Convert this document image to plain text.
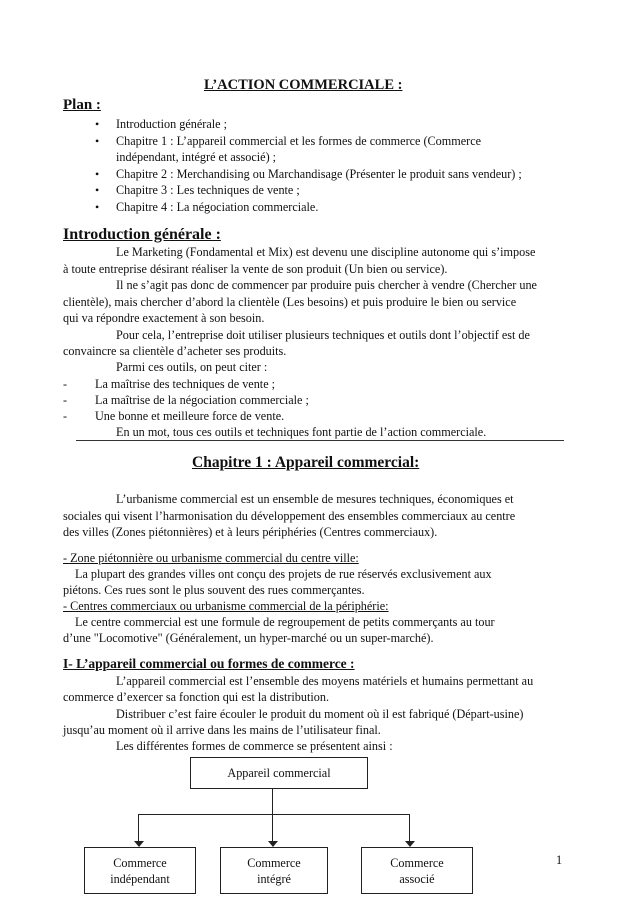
L’ACTION COMMERCIALE :
Plan :
• Introduction générale ;
• Chapitre 1 : L’appareil commercial et les formes de commerce (Commerce
indépendant, intégré et associé) ;
• Chapitre 2 : Merchandising ou Marchandisage (Présenter le produit sans vendeur) ;
• Chapitre 3 : Les techniques de vente ;
• Chapitre 4 : La négociation commerciale.
Introduction générale :
Le Marketing (Fondamental et Mix) est devenu une discipline autonome qui s’impose
à toute entreprise désirant réaliser la vente de son produit (Un bien ou service).
Il ne s’agit pas donc de commencer par produire puis chercher à vendre (Chercher une
clientèle), mais chercher d’abord la clientèle (Les besoins) et puis produire le bien ou service
qui va répondre exactement à son besoin.
Pour cela, l’entreprise doit utiliser plusieurs techniques et outils dont l’objectif est de
convaincre sa clientèle d’acheter ses produits.
Parmi ces outils, on peut citer :
- La maîtrise des techniques de vente ;
- La maîtrise de la négociation commerciale ;
- Une bonne et meilleure force de vente.
En un mot, tous ces outils et techniques font partie de l’action commerciale.
Chapitre 1 : Appareil commercial:
L’urbanisme commercial est un ensemble de mesures techniques, économiques et
sociales qui visent l’harmonisation du développement des ensembles commerciaux au centre
des villes (Zones piétonnières) et à leurs périphéries (Centres commerciaux).
- Zone piétonnière ou urbanisme commercial du centre ville:
La plupart des grandes villes ont conçu des projets de rue réservés exclusivement aux
piétons. Ces rues sont le plus souvent des rues commerçantes.
- Centres commerciaux ou urbanisme commercial de la périphérie:
Le centre commercial est une formule de regroupement de petits commerçants au tour
d’une "Locomotive" (Généralement, un hyper-marché ou un super-marché).
I- L’appareil commercial ou formes de commerce :
L’appareil commercial est l’ensemble des moyens matériels et humains permettant au
commerce d’exercer sa fonction qui est la distribution.
Distribuer c’est faire écouler le produit du moment où il est fabriqué (Départ-usine)
jusqu’au moment où il arrive dans les mains de l’utilisateur final.
Les différentes formes de commerce se présentent ainsi :
Appareil commercial
Commerce
indépendant
Commerce
intégré
Commerce
associé
1
